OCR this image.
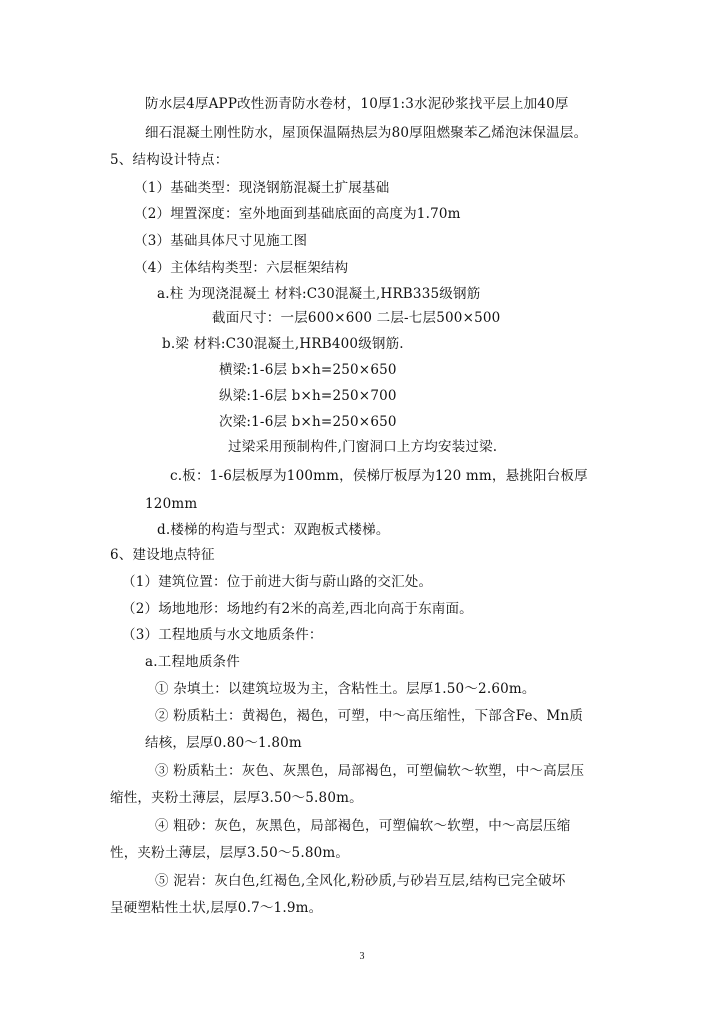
防水层4厚APP改性沥青防水卷材，10厚1:3水泥砂浆找平层上加40厚

细石混凝土刚性防水，屋顶保温隔热层为80厚阻燃聚苯乙烯泡沫保温层。

5、结构设计特点：

（1）基础类型：现浇钢筋混凝土扩展基础

（2）埋置深度：室外地面到基础底面的高度为1.70m

（3）基础具体尺寸见施工图

（4）主体结构类型：六层框架结构

a.柱 为现浇混凝土 材料:C30混凝土,HRB335级钢筋

截面尺寸：一层600×600 二层-七层500×500

b.梁 材料:C30混凝土,HRB400级钢筋.

横梁:1-6层 b×h=250×650

纵梁:1-6层 b×h=250×700

次梁:1-6层 b×h=250×650

过梁采用预制构件,门窗洞口上方均安装过梁.

c.板：1-6层板厚为100mm，侯梯厅板厚为120 mm，悬挑阳台板厚

120mm

d.楼梯的构造与型式：双跑板式楼梯。

6、建设地点特征

（1）建筑位置：位于前进大街与蔚山路的交汇处。

（2）场地地形：场地约有2米的高差,西北向高于东南面。

（3）工程地质与水文地质条件：

a.工程地质条件

① 杂填土：以建筑垃圾为主，含粘性土。层厚1.50～2.60m。

② 粉质粘土：黄褐色，褐色，可塑，中～高压缩性，下部含Fe、Mn质

结核，层厚0.80～1.80m

③ 粉质粘土：灰色、灰黑色，局部褐色，可塑偏软～软塑，中～高层压

缩性，夹粉土薄层，层厚3.50～5.80m。

④ 粗砂：灰色，灰黑色，局部褐色，可塑偏软～软塑，中～高层压缩

性，夹粉土薄层，层厚3.50～5.80m。

⑤ 泥岩：灰白色,红褐色,全风化,粉砂质,与砂岩互层,结构已完全破坏

呈硬塑粘性土状,层厚0.7～1.9m。

3
